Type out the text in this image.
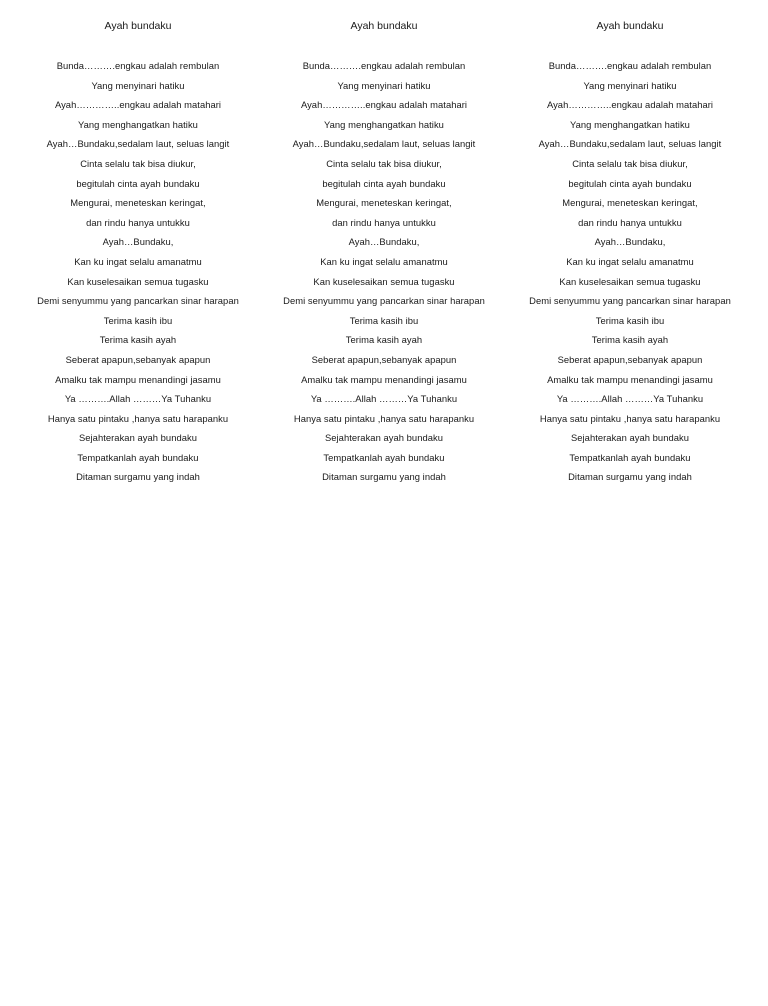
Ayah bundaku
Bunda……….engkau adalah rembulan
Yang menyinari hatiku
Ayah…………..engkau adalah matahari
Yang menghangatkan hatiku
Ayah…Bundaku,sedalam laut, seluas langit
Cinta selalu tak bisa diukur,
begitulah cinta ayah bundaku
Mengurai, meneteskan keringat,
dan rindu hanya untukku
Ayah…Bundaku,
Kan ku ingat selalu amanatmu
Kan kuselesaikan semua tugasku
Demi senyummu yang pancarkan sinar harapan
Terima kasih ibu
Terima kasih ayah
Seberat apapun,sebanyak apapun
Amalku tak mampu menandingi jasamu
Ya ……….Allah ………Ya Tuhanku
Hanya satu pintaku ,hanya satu harapanku
Sejahterakan ayah bundaku
Tempatkanlah ayah bundaku
Ditaman surgamu yang indah
Ayah bundaku
Bunda……….engkau adalah rembulan
Yang menyinari hatiku
Ayah…………..engkau adalah matahari
Yang menghangatkan hatiku
Ayah…Bundaku,sedalam laut, seluas langit
Cinta selalu tak bisa diukur,
begitulah cinta ayah bundaku
Mengurai, meneteskan keringat,
dan rindu hanya untukku
Ayah…Bundaku,
Kan ku ingat selalu amanatmu
Kan kuselesaikan semua tugasku
Demi senyummu yang pancarkan sinar harapan
Terima kasih ibu
Terima kasih ayah
Seberat apapun,sebanyak apapun
Amalku tak mampu menandingi jasamu
Ya ……….Allah ………Ya Tuhanku
Hanya satu pintaku ,hanya satu harapanku
Sejahterakan ayah bundaku
Tempatkanlah ayah bundaku
Ditaman surgamu yang indah
Ayah bundaku
Bunda……….engkau adalah rembulan
Yang menyinari hatiku
Ayah…………..engkau adalah matahari
Yang menghangatkan hatiku
Ayah…Bundaku,sedalam laut, seluas langit
Cinta selalu tak bisa diukur,
begitulah cinta ayah bundaku
Mengurai, meneteskan keringat,
dan rindu hanya untukku
Ayah…Bundaku,
Kan ku ingat selalu amanatmu
Kan kuselesaikan semua tugasku
Demi senyummu yang pancarkan sinar harapan
Terima kasih ibu
Terima kasih ayah
Seberat apapun,sebanyak apapun
Amalku tak mampu menandingi jasamu
Ya ……….Allah ………Ya Tuhanku
Hanya satu pintaku ,hanya satu harapanku
Sejahterakan ayah bundaku
Tempatkanlah ayah bundaku
Ditaman surgamu yang indah
